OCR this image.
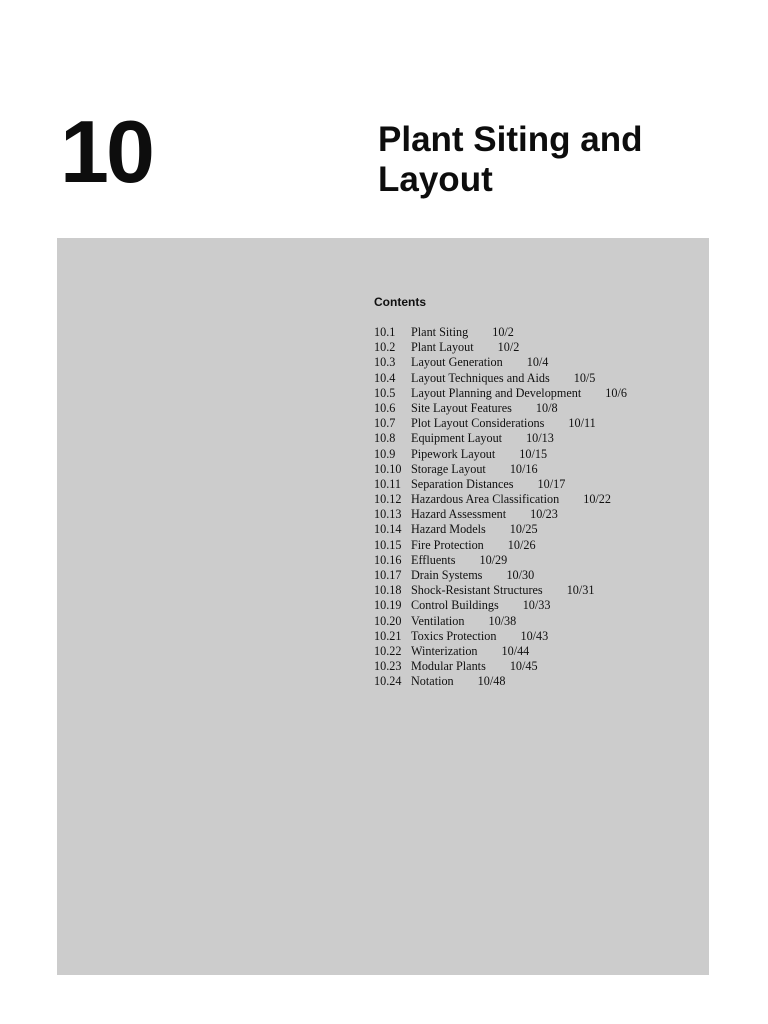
10	Plant Siting and Layout
Contents
10.1 Plant Siting 10/2
10.2 Plant Layout 10/2
10.3 Layout Generation 10/4
10.4 Layout Techniques and Aids 10/5
10.5 Layout Planning and Development 10/6
10.6 Site Layout Features 10/8
10.7 Plot Layout Considerations 10/11
10.8 Equipment Layout 10/13
10.9 Pipework Layout 10/15
10.10 Storage Layout 10/16
10.11 Separation Distances 10/17
10.12 Hazardous Area Classification 10/22
10.13 Hazard Assessment 10/23
10.14 Hazard Models 10/25
10.15 Fire Protection 10/26
10.16 Effluents 10/29
10.17 Drain Systems 10/30
10.18 Shock-Resistant Structures 10/31
10.19 Control Buildings 10/33
10.20 Ventilation 10/38
10.21 Toxics Protection 10/43
10.22 Winterization 10/44
10.23 Modular Plants 10/45
10.24 Notation 10/48
